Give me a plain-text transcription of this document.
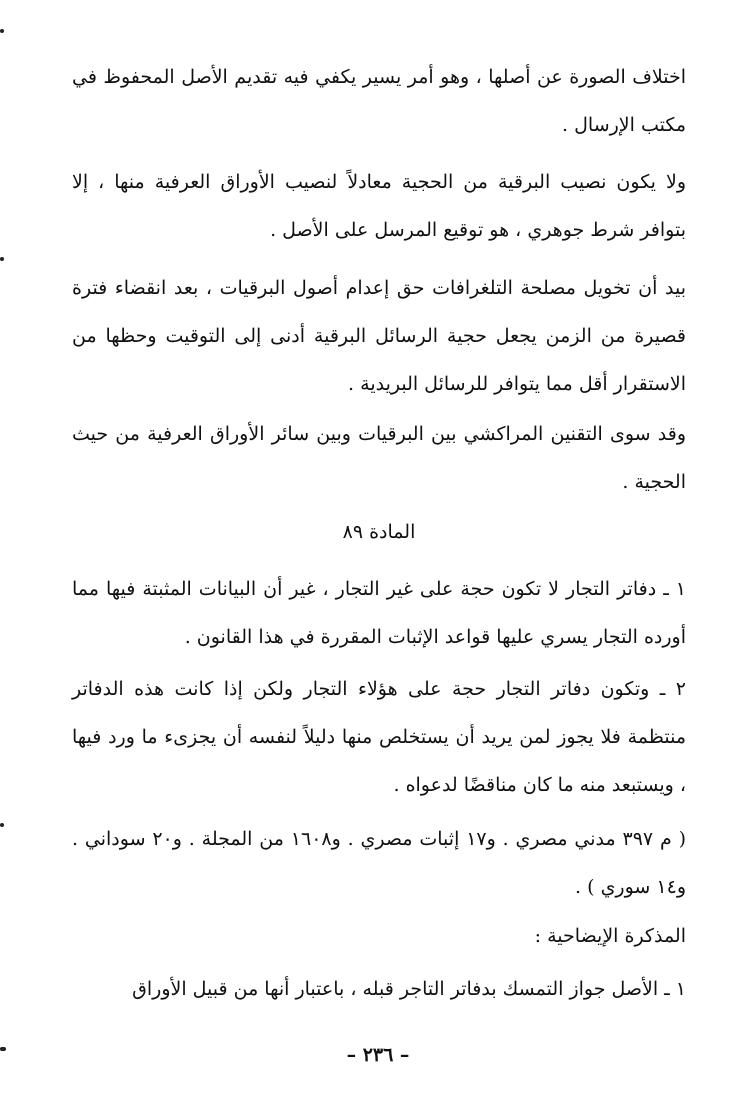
اختلاف الصورة عن أصلها ، وهو أمر يسير يكفي فيه تقديم الأصل المحفوظ في مكتب الإرسال .

ولا يكون نصيب البرقية من الحجية معادلاً لنصيب الأوراق العرفية منها ، إلا بتوافر شرط جوهري ، هو توقيع المرسل على الأصل .

بيد أن تخويل مصلحة التلغرافات حق إعدام أصول البرقيات ، بعد انقضاء فترة قصيرة من الزمن يجعل حجية الرسائل البرقية أدنى إلى التوقيت وحظها من الاستقرار أقل مما يتوافر للرسائل البريدية .

وقد سوى التقنين المراكشي بين البرقيات وبين سائر الأوراق العرفية من حيث الحجية .

المادة ٨٩

١ ـ دفاتر التجار لا تكون حجة على غير التجار ، غير أن البيانات المثبتة فيها مما أورده التجار يسري عليها قواعد الإثبات المقررة في هذا القانون .

٢ ـ وتكون دفاتر التجار حجة على هؤلاء التجار ولكن إذا كانت هذه الدفاتر منتظمة فلا يجوز لمن يريد أن يستخلص منها دليلاً لنفسه أن يجزىء ما ورد فيها ، ويستبعد منه ما كان مناقضًا لدعواه .

( م ٣٩٧ مدني مصري . و١٧ إثبات مصري . و١٦٠٨ من المجلة . و٢٠ سوداني . و١٤ سوري ) .

المذكرة الإيضاحية :

١ ـ الأصل جواز التمسك بدفاتر التاجر قبله ، باعتبار أنها من قبيل الأوراق

– ٢٣٦ –
